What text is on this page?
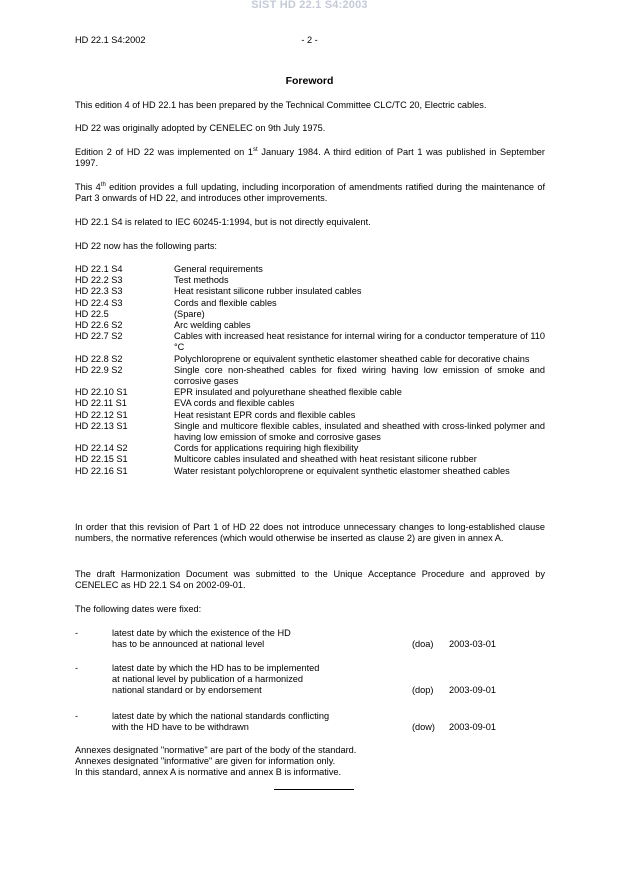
SIST HD 22.1 S4:2003
HD 22.1 S4:2002	- 2 -
Foreword
This edition 4 of HD 22.1 has been prepared by the Technical Committee CLC/TC 20, Electric cables.
HD 22 was originally adopted by CENELEC on 9th July 1975.
Edition 2 of HD 22 was implemented on 1st January 1984. A third edition of Part 1 was published in September 1997.
This 4th edition provides a full updating, including incorporation of amendments ratified during the maintenance of Part 3 onwards of HD 22, and introduces other improvements.
HD 22.1 S4 is related to IEC 60245-1:1994, but is not directly equivalent.
HD 22 now has the following parts:
HD 22.1 S4	General requirements
HD 22.2 S3	Test methods
HD 22.3 S3	Heat resistant silicone rubber insulated cables
HD 22.4 S3	Cords and flexible cables
HD 22.5	(Spare)
HD 22.6 S2	Arc welding cables
HD 22.7 S2	Cables with increased heat resistance for internal wiring for a conductor temperature of 110 °C
HD 22.8 S2	Polychloroprene or equivalent synthetic elastomer sheathed cable for decorative chains
HD 22.9 S2	Single core non-sheathed cables for fixed wiring having low emission of smoke and corrosive gases
HD 22.10 S1	EPR insulated and polyurethane sheathed flexible cable
HD 22.11 S1	EVA cords and flexible cables
HD 22.12 S1	Heat resistant EPR cords and flexible cables
HD 22.13 S1	Single and multicore flexible cables, insulated and sheathed with cross-linked polymer and having low emission of smoke and corrosive gases
HD 22.14 S2	Cords for applications requiring high flexibility
HD 22.15 S1	Multicore cables insulated and sheathed with heat resistant silicone rubber
HD 22.16 S1	Water resistant polychloroprene or equivalent synthetic elastomer sheathed cables
In order that this revision of Part 1 of HD 22 does not introduce unnecessary changes to long-established clause numbers, the normative references (which would otherwise be inserted as clause 2) are given in annex A.
The draft Harmonization Document was submitted to the Unique Acceptance Procedure and approved by CENELEC as HD 22.1 S4 on 2002-09-01.
The following dates were fixed:
-	latest date by which the existence of the HD
has to be announced at national level	(doa)	2003-03-01
-	latest date by which the HD has to be implemented
at national level by publication of a harmonized
national standard or by endorsement	(dop)	2003-09-01
-	latest date by which the national standards conflicting
with the HD have to be withdrawn	(dow)	2003-09-01
Annexes designated "normative" are part of the body of the standard.
Annexes designated "informative" are given for information only.
In this standard, annex A is normative and annex B is informative.
